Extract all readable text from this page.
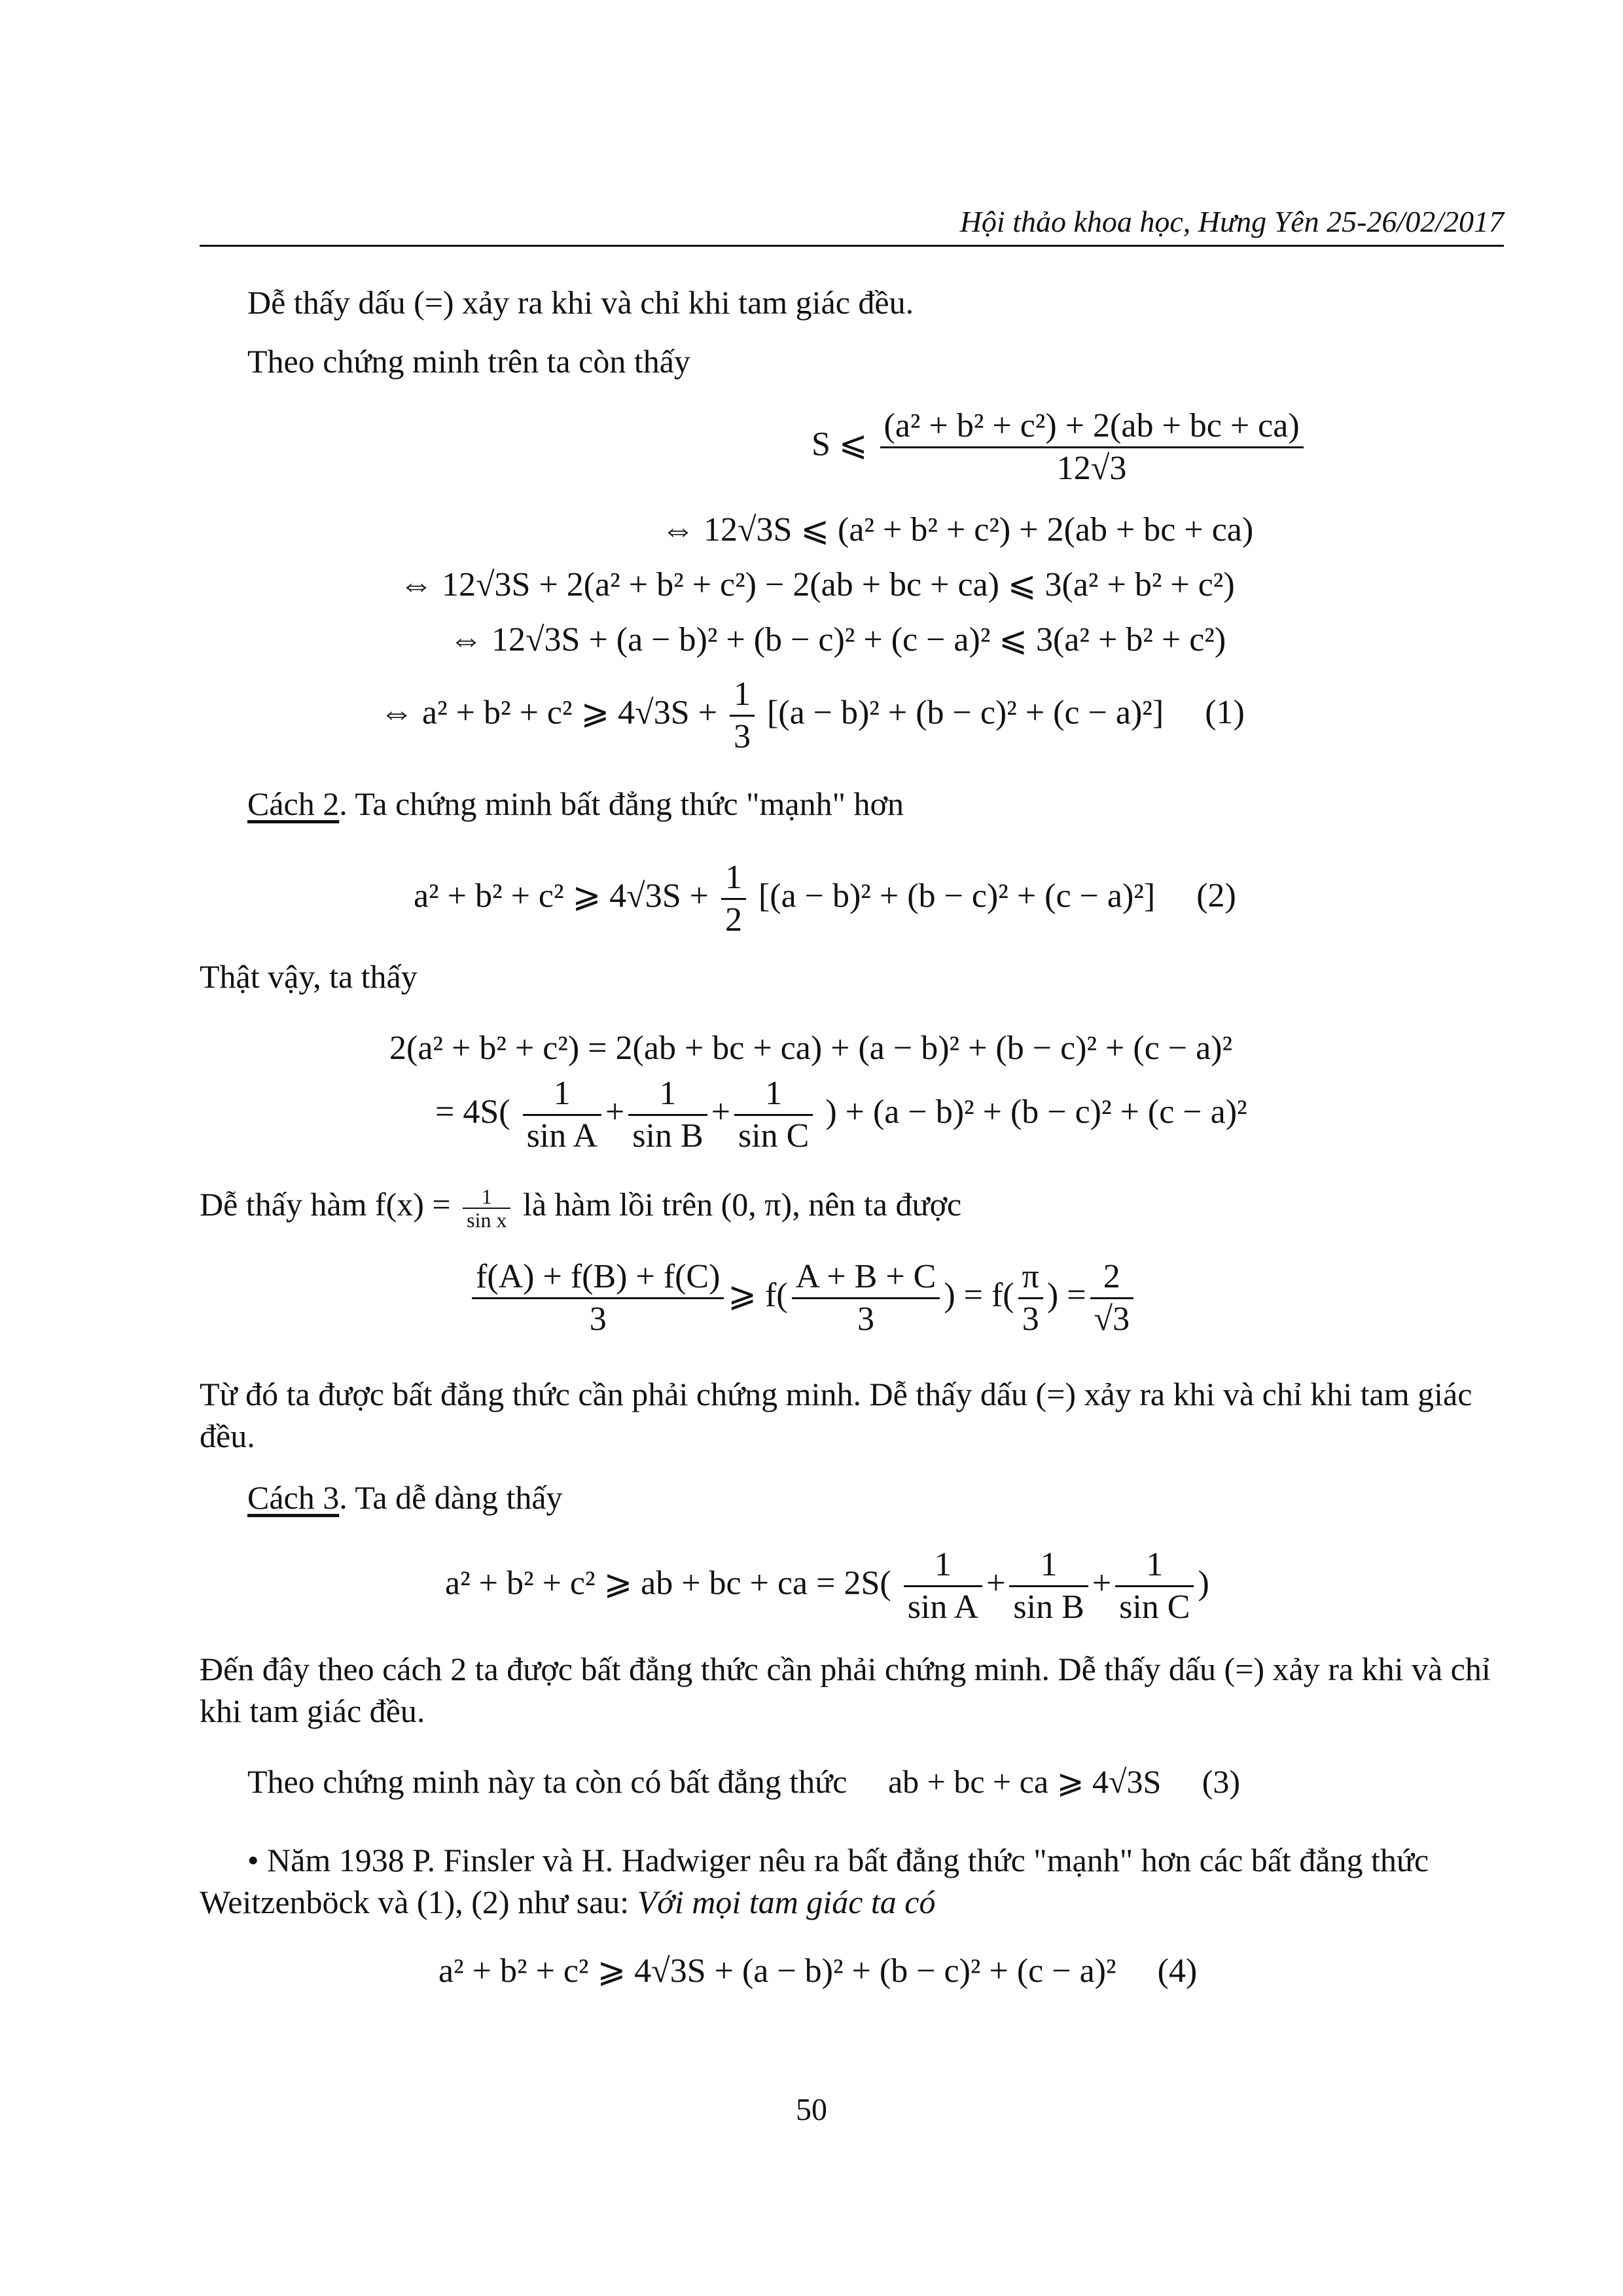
Hội thảo khoa học, Hưng Yên 25-26/02/2017
Dễ thấy dấu (=) xảy ra khi và chỉ khi tam giác đều.
Theo chứng minh trên ta còn thấy
S ⩽ $\frac{\text{(a² + b² + c²) + 2(ab + bc + ca)}}{12√3}$
⇔ 12√3S ⩽ (a² + b² + c²) + 2(ab + bc + ca)
⇔ 12√3S + 2(a² + b² + c²) − 2(ab + bc + ca) ⩽ 3(a² + b² + c²)
⇔ 12√3S + (a − b)² + (b − c)² + (c − a)² ⩽ 3(a² + b² + c²)
⇔ a² + b² + c² ⩾ $4√3S + \frac{1}{3} [(a - b)^2 + (b - c)^2 + (c - a)^2]$ (1)
Cách 2. Ta chứng minh bất đẳng thức "mạnh" hơn
a² + b² + c² ⩾ $4√3S + \frac{1}{2} [(a - b)^2 + (b - c)^2 + (c - a)^2]$ (2)
Thật vậy, ta thấy
2(a² + b² + c²) = 2(ab + bc + ca) + (a − b)² + (b − c)² + (c − a)²
= $4S( \frac{1}{\text{sin A}} + \frac{1}{\text{sin B}} + \frac{1}{\text{sin C}}$ ) + (a − b)² + (b − c)² + (c − a)²
Dễ thấy hàm $f(x) = \frac{1}{\text{sin x}}$ là hàm lồi trên (0, π), nên ta được
$\frac{f(A) + f(B) + f(C)}{3}$ ⩾ $f( \frac{A + B + C}{3}$ ) = $f( \frac{\pi}{3}$ ) = $\frac{2}{√3}$
Từ đó ta được bất đẳng thức cần phải chứng minh. Dễ thấy dấu (=) xảy ra khi và chỉ khi tam giác đều.
Cách 3. Ta dễ dàng thấy
a² + b² + c² ⩾ ab + bc + ca = $2S( \frac{1}{\text{sin A}} + \frac{1}{\text{sin B}} + \frac{1}{\text{sin C}}$ )
Đến đây theo cách 2 ta được bất đẳng thức cần phải chứng minh. Dễ thấy dấu (=) xảy ra khi và chỉ khi tam giác đều.
Theo chứng minh này ta còn có bất đẳng thức ab + bc + ca ⩾ 4√3S (3)
• Năm 1938 P. Finsler và H. Hadwiger nêu ra bất đẳng thức "mạnh" hơn các bất đẳng thức Weitzenböck và (1), (2) như sau: Với mọi tam giác ta có
a² + b² + c² ⩾ 4√3S + (a − b)² + (b − c)² + (c − a)² (4)
50
